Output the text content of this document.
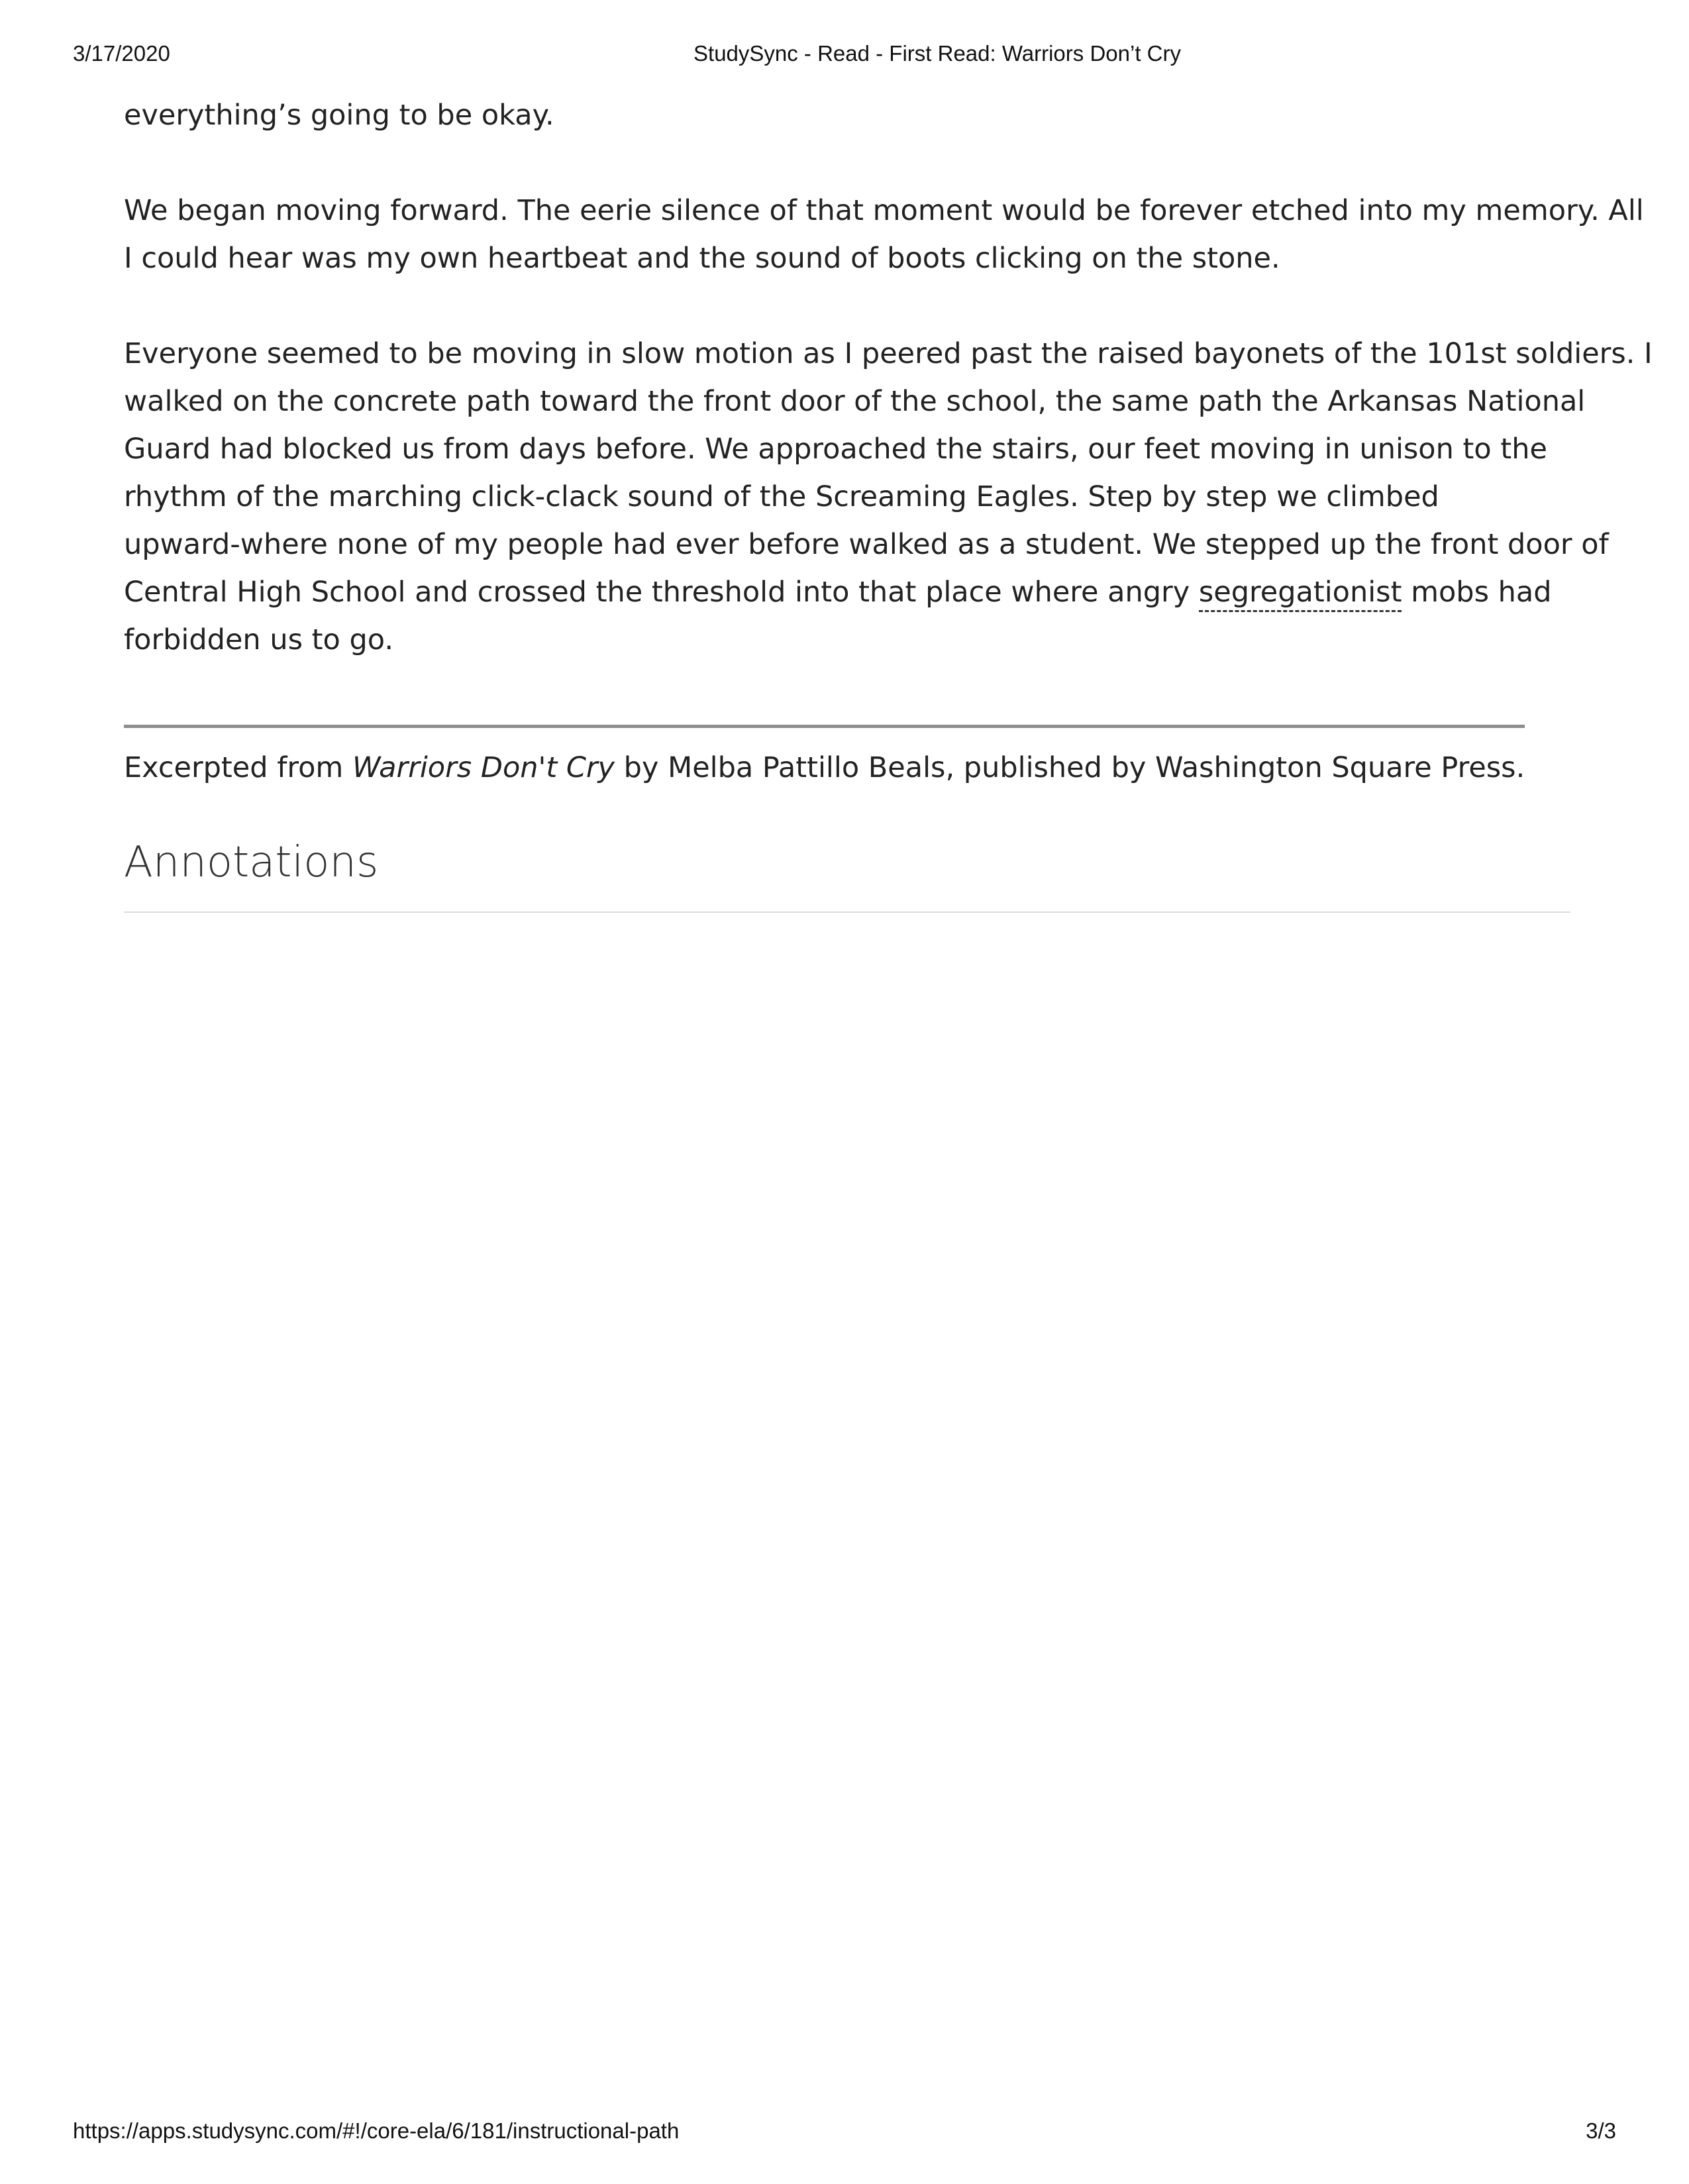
3/17/2020	StudySync - Read - First Read: Warriors Don’t Cry

everything’s going to be okay.

We began moving forward. The eerie silence of that moment would be forever etched into my memory. All
I could hear was my own heartbeat and the sound of boots clicking on the stone.

Everyone seemed to be moving in slow motion as I peered past the raised bayonets of the 101st soldiers. I
walked on the concrete path toward the front door of the school, the same path the Arkansas National
Guard had blocked us from days before. We approached the stairs, our feet moving in unison to the
rhythm of the marching click-clack sound of the Screaming Eagles. Step by step we climbed
upward-where none of my people had ever before walked as a student. We stepped up the front door of
Central High School and crossed the threshold into that place where angry segregationist mobs had
forbidden us to go.

Excerpted from Warriors Don't Cry by Melba Pattillo Beals, published by Washington Square Press.
Annotations
https://apps.studysync.com/#!/core-ela/6/181/instructional-path	3/3
